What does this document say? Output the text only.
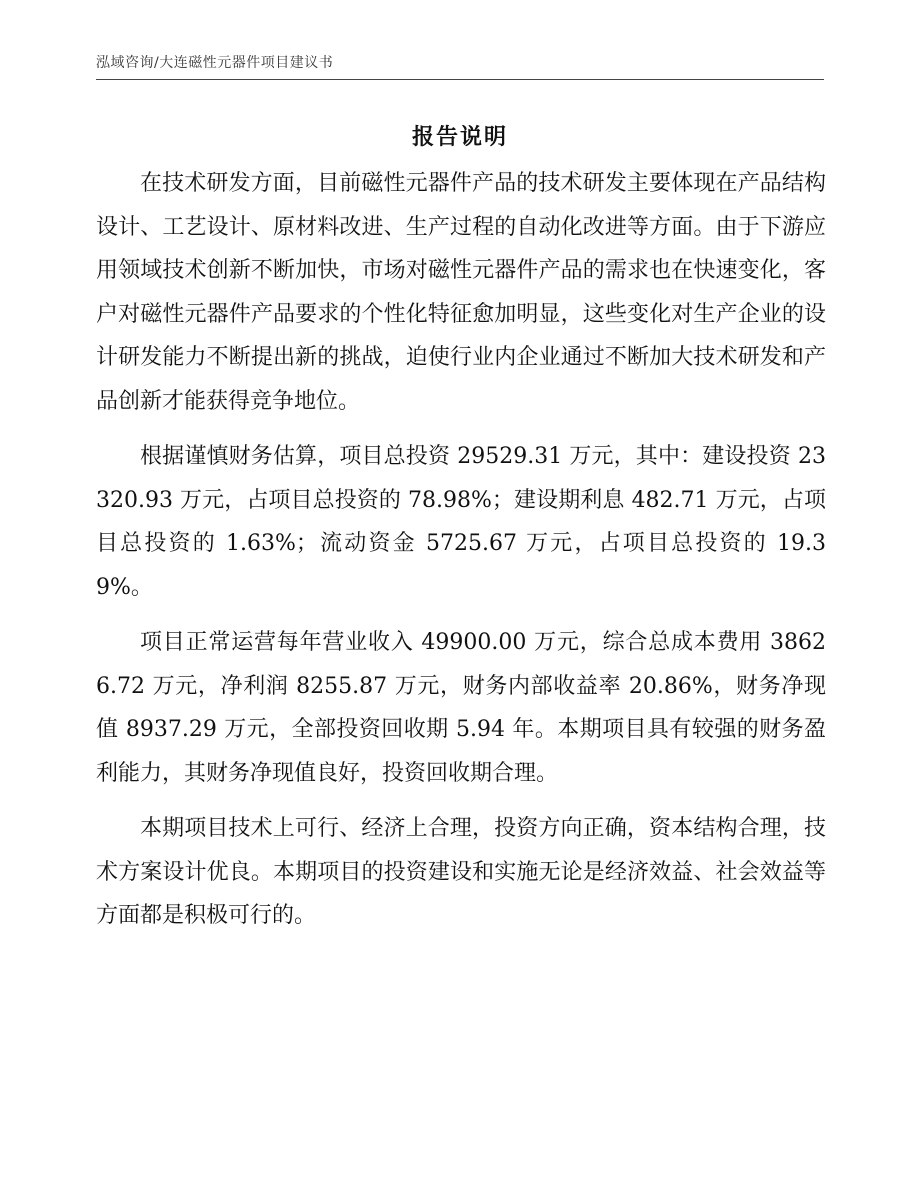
泓域咨询/大连磁性元器件项目建议书
报告说明

在技术研发方面，目前磁性元器件产品的技术研发主要体现在产品结构设计、工艺设计、原材料改进、生产过程的自动化改进等方面。由于下游应用领域技术创新不断加快，市场对磁性元器件产品的需求也在快速变化，客户对磁性元器件产品要求的个性化特征愈加明显，这些变化对生产企业的设计研发能力不断提出新的挑战，迫使行业内企业通过不断加大技术研发和产品创新才能获得竞争地位。

根据谨慎财务估算，项目总投资 29529.31 万元，其中：建设投资 23320.93 万元，占项目总投资的 78.98%；建设期利息 482.71 万元，占项目总投资的 1.63%；流动资金 5725.67 万元，占项目总投资的 19.39%。

项目正常运营每年营业收入 49900.00 万元，综合总成本费用 38626.72 万元，净利润 8255.87 万元，财务内部收益率 20.86%，财务净现值 8937.29 万元，全部投资回收期 5.94 年。本期项目具有较强的财务盈利能力，其财务净现值良好，投资回收期合理。

本期项目技术上可行、经济上合理，投资方向正确，资本结构合理，技术方案设计优良。本期项目的投资建设和实施无论是经济效益、社会效益等方面都是积极可行的。
